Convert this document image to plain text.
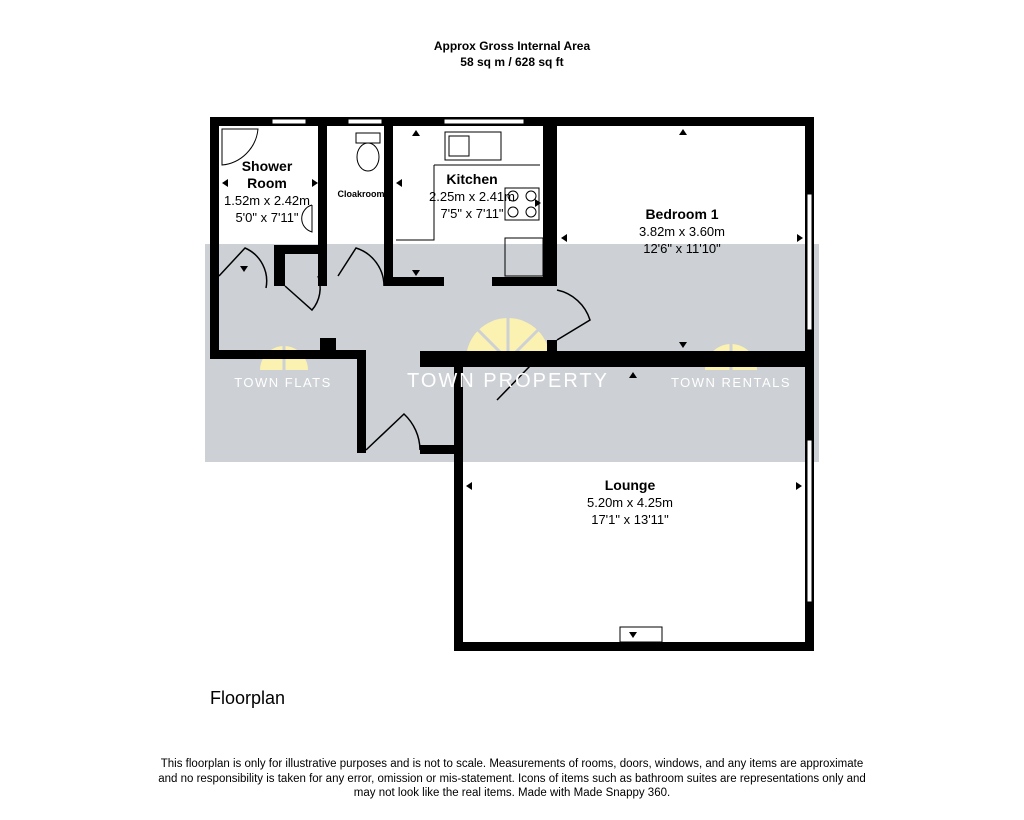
Approx Gross Internal Area
58 sq m / 628 sq ft
Shower
Room
1.52m x 2.42m
5'0" x 7'11"
Cloakroom
Kitchen
2.25m x 2.41m
7'5" x 7'11"	Bedroom 1
3.82m x 3.60m
12'6" x 11'10"
Lounge
5.20m x 4.25m
17'1" x 13'11"
TOWN FLATS	TOWN PROPERTY	TOWN RENTALS
Floorplan
This floorplan is only for illustrative purposes and is not to scale. Measurements of rooms, doors, windows, and any items are approximate
and no responsibility is taken for any error, omission or mis-statement. Icons of items such as bathroom suites are representations only and
may not look like the real items. Made with Made Snappy 360.
